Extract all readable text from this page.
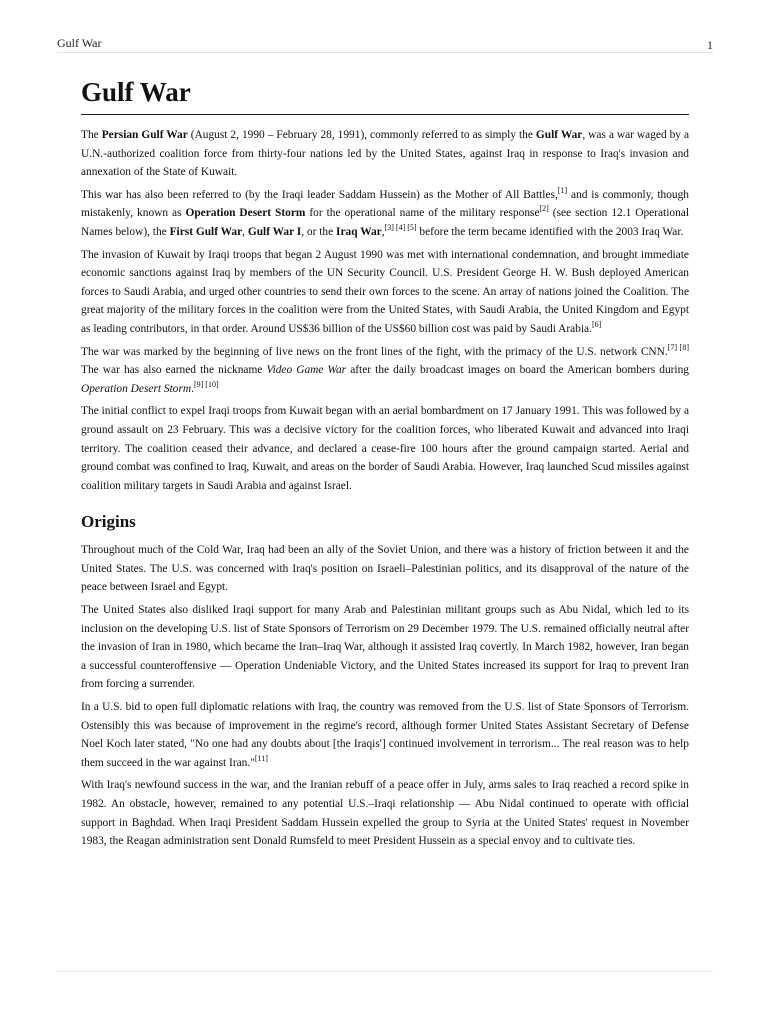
Gulf War	1
Gulf War

The Persian Gulf War (August 2, 1990 – February 28, 1991), commonly referred to as simply the Gulf War, was a war waged by a U.N.-authorized coalition force from thirty-four nations led by the United States, against Iraq in response to Iraq's invasion and annexation of the State of Kuwait.

This war has also been referred to (by the Iraqi leader Saddam Hussein) as the Mother of All Battles,[1] and is commonly, though mistakenly, known as Operation Desert Storm for the operational name of the military response[2] (see section 12.1 Operational Names below), the First Gulf War, Gulf War I, or the Iraq War,[3] [4] [5] before the term became identified with the 2003 Iraq War.

The invasion of Kuwait by Iraqi troops that began 2 August 1990 was met with international condemnation, and brought immediate economic sanctions against Iraq by members of the UN Security Council. U.S. President George H. W. Bush deployed American forces to Saudi Arabia, and urged other countries to send their own forces to the scene. An array of nations joined the Coalition. The great majority of the military forces in the coalition were from the United States, with Saudi Arabia, the United Kingdom and Egypt as leading contributors, in that order. Around US$36 billion of the US$60 billion cost was paid by Saudi Arabia.[6]

The war was marked by the beginning of live news on the front lines of the fight, with the primacy of the U.S. network CNN.[7] [8] The war has also earned the nickname Video Game War after the daily broadcast images on board the American bombers during Operation Desert Storm.[9] [10]

The initial conflict to expel Iraqi troops from Kuwait began with an aerial bombardment on 17 January 1991. This was followed by a ground assault on 23 February. This was a decisive victory for the coalition forces, who liberated Kuwait and advanced into Iraqi territory. The coalition ceased their advance, and declared a cease-fire 100 hours after the ground campaign started. Aerial and ground combat was confined to Iraq, Kuwait, and areas on the border of Saudi Arabia. However, Iraq launched Scud missiles against coalition military targets in Saudi Arabia and against Israel.

Origins

Throughout much of the Cold War, Iraq had been an ally of the Soviet Union, and there was a history of friction between it and the United States. The U.S. was concerned with Iraq's position on Israeli–Palestinian politics, and its disapproval of the nature of the peace between Israel and Egypt.

The United States also disliked Iraqi support for many Arab and Palestinian militant groups such as Abu Nidal, which led to its inclusion on the developing U.S. list of State Sponsors of Terrorism on 29 December 1979. The U.S. remained officially neutral after the invasion of Iran in 1980, which became the Iran–Iraq War, although it assisted Iraq covertly. In March 1982, however, Iran began a successful counteroffensive — Operation Undeniable Victory, and the United States increased its support for Iraq to prevent Iran from forcing a surrender.

In a U.S. bid to open full diplomatic relations with Iraq, the country was removed from the U.S. list of State Sponsors of Terrorism. Ostensibly this was because of improvement in the regime's record, although former United States Assistant Secretary of Defense Noel Koch later stated, "No one had any doubts about [the Iraqis'] continued involvement in terrorism... The real reason was to help them succeed in the war against Iran."[11]

With Iraq's newfound success in the war, and the Iranian rebuff of a peace offer in July, arms sales to Iraq reached a record spike in 1982. An obstacle, however, remained to any potential U.S.–Iraqi relationship — Abu Nidal continued to operate with official support in Baghdad. When Iraqi President Saddam Hussein expelled the group to Syria at the United States' request in November 1983, the Reagan administration sent Donald Rumsfeld to meet President Hussein as a special envoy and to cultivate ties.
